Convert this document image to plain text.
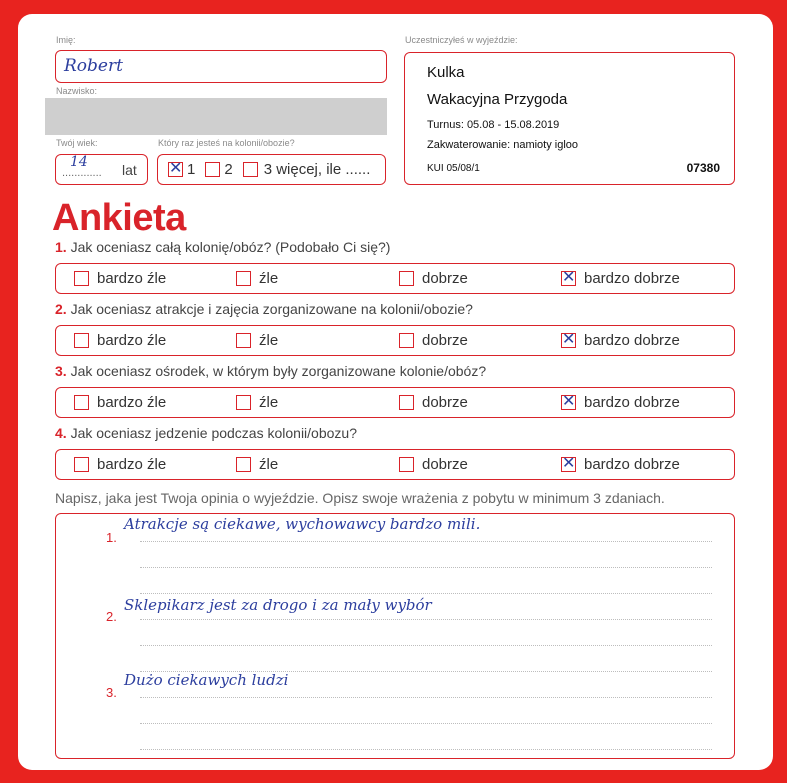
Imię:
Robert
Nazwisko:
Twój wiek:
.............
14 lat
Który raz jesteś na kolonii/obozie?
✕ 1 2 3 więcej, ile ......
Uczestniczyłeś w wyjeździe:
Kulka
Wakacyjna Przygoda
Turnus: 05.08 - 15.08.2019
Zakwaterowanie: namioty igloo
KUI 05/08/1	07380
Ankieta
1. Jak oceniasz całą kolonię/obóz? (Podobało Ci się?)
bardzo źle	źle	dobrze	✕ bardzo dobrze
2. Jak oceniasz atrakcje i zajęcia zorganizowane na kolonii/obozie?
bardzo źle	źle	dobrze	✕ bardzo dobrze
3. Jak oceniasz ośrodek, w którym były zorganizowane kolonie/obóz?
bardzo źle	źle	dobrze	✕ bardzo dobrze
4. Jak oceniasz jedzenie podczas kolonii/obozu?
bardzo źle	źle	dobrze	✕ bardzo dobrze
Napisz, jaka jest Twoja opinia o wyjeździe. Opisz swoje wrażenia z pobytu w minimum 3 zdaniach.
1.
Atrakcje są ciekawe, wychowawcy bardzo mili.
2.
Sklepikarz jest za drogo i za mały wybór
3.
Dużo ciekawych ludzi
